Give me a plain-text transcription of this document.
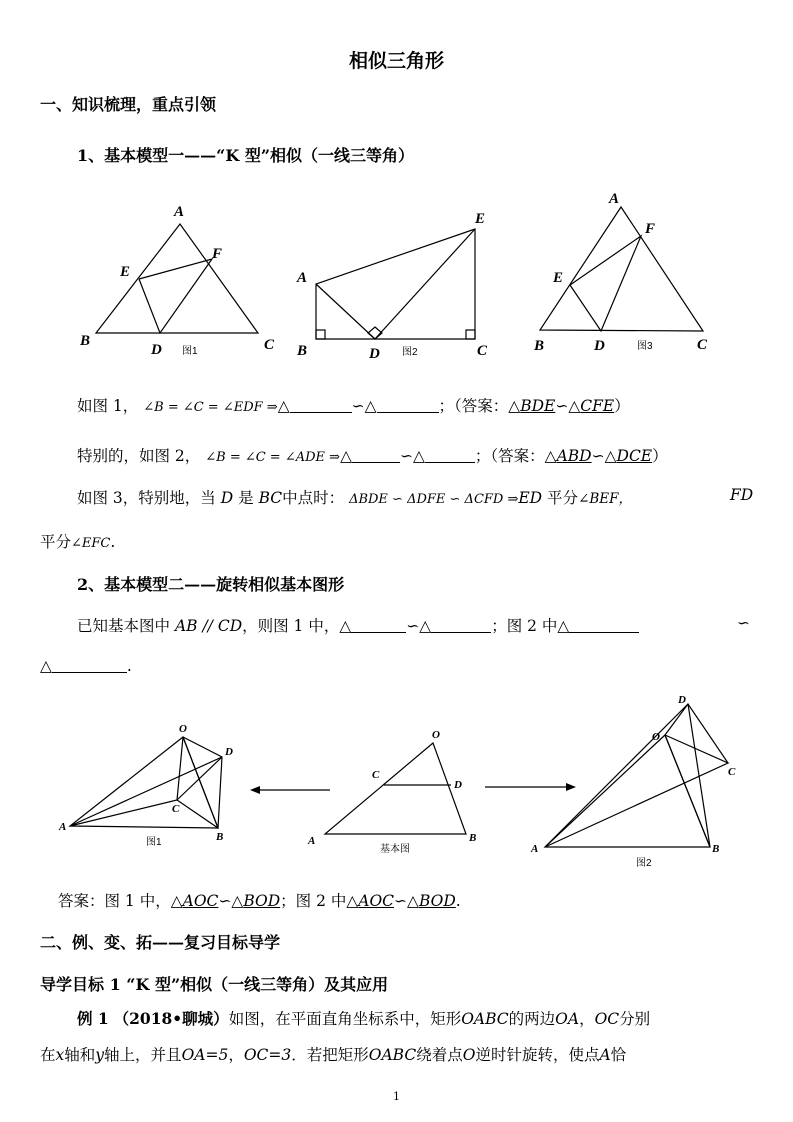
相似三角形
一、知识梳理，重点引领
1、基本模型一——“K 型”相似（一线三等角）
A
E
F
B
D	C
图1
A
E
B	D	C
图2
A
F
E
B	D	C
图3
如图 1， ∠B = ∠C = ∠EDF ⇒△	∽△	；（答案：△BDE∽△CFE）
特别的，如图 2， ∠B = ∠C = ∠ADE ⇒△	∽△	；（答案：△ABD∽△DCE）
如图 3，特别地，当 D 是 BC中点时： ΔBDE ∽ ΔDFE ∽ ΔCFD ⇒ED 平分∠BEF，	FD
平分∠EFC.
2、基本模型二——旋转相似基本图形
已知基本图中 AB // CD，则图 1 中，△	∽△	；图 2 中△	∽
△	.
O
D
C
A
B
图1
O
C
D
A	B
基本图
D
O
C
A	B
图2
答案：图 1 中，△AOC∽△BOD；图 2 中△AOC∽△BOD.
二、例、变、拓——复习目标导学
导学目标 1 “K 型”相似（一线三等角）及其应用
例 1 （2018•聊城）如图，在平面直角坐标系中，矩形OABC的两边OA，OC分别
在x轴和y轴上，并且OA=5，OC=3．若把矩形OABC绕着点O逆时针旋转，使点A恰
1
